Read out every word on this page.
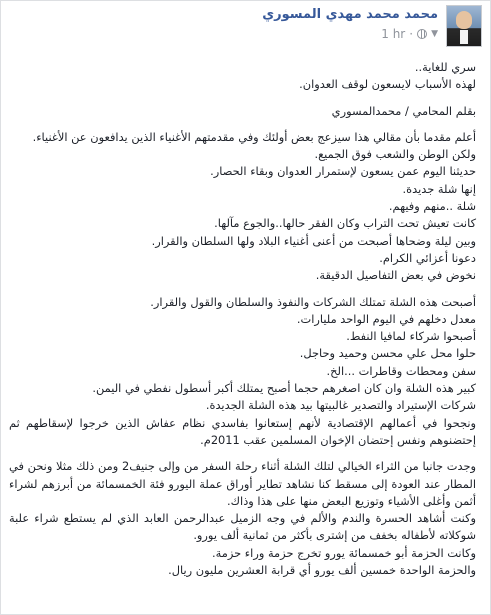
محمد محمد مهدي المسوري
1 hr · ▼

سري للغاية..

لهذه الأسباب لايسعون لوقف العدوان.

بقلم المحامي / محمدالمسوري

أعلم مقدما بأن مقالي هذا سيزعج بعض أولئك وفي مقدمتهم الأغنياء الذين يدافعون عن الأغنياء.

ولكن الوطن والشعب فوق الجميع.

حديثنا اليوم عمن يسعون لإستمرار العدوان وبقاء الحصار.

إنها شلة جديدة.

شلة ..منهم وفيهم.

كانت تعيش تحت التراب وكان الفقر حالها..والجوع مآلها.

وبين ليلة وضحاها أصبحت من أعنى أغنياء البلاد ولها السلطان والقرار.

دعونا أعزائي الكرام.

نخوض في بعض التفاصيل الدقيقة.

أصبحت هذه الشلة تمتلك الشركات والنفوذ والسلطان والقول والقرار.

معدل دخلهم في اليوم الواحد مليارات.

أصبحوا شركاء لمافيا النفط.

حلوا محل علي محسن وحميد وحاجل.

سفن ومحطات وقاطرات ...الخ.

كبير هذه الشلة وان كان اصغرهم حجما أصبح يمتلك أكبر أسطول نفطي في اليمن.

شركات الإستيراد والتصدير غالبيتها بيد هذه الشلة الجديدة.

ونجحوا في أعمالهم الإقتصادية لأنهم إستعانوا بفاسدي نظام عفاش الذين خرجوا لإسقاطهم ثم إحتضنوهم ونفس إحتضان الإخوان المسلمين عقب 2011م.

وجدت جانبا من الثراء الخيالي لتلك الشلة أثناء رحلة السفر من وإلى جنيف2 ومن ذلك مثلا ونحن في المطار عند العودة إلى مسقط كنا نشاهد تطاير أوراق عملة اليورو فئة الخمسمائة من أبرزهم لشراء أثمن وأغلى الأشياء وتوزيع البعض منها على هذا وذاك.

وكنت أشاهد الحسرة والندم والألم في وجه الزميل عبدالرحمن العابد الذي لم يستطع شراء علبة شوكلاته لأطفاله بخفف من إشترى بأكثر من ثمانية ألف يورو.

وكانت الحزمة أبو خمسمائة يورو تخرج حزمة وراء حزمة.

والحزمة الواحدة خمسين ألف يورو أي قرابة العشرين مليون ريال.
